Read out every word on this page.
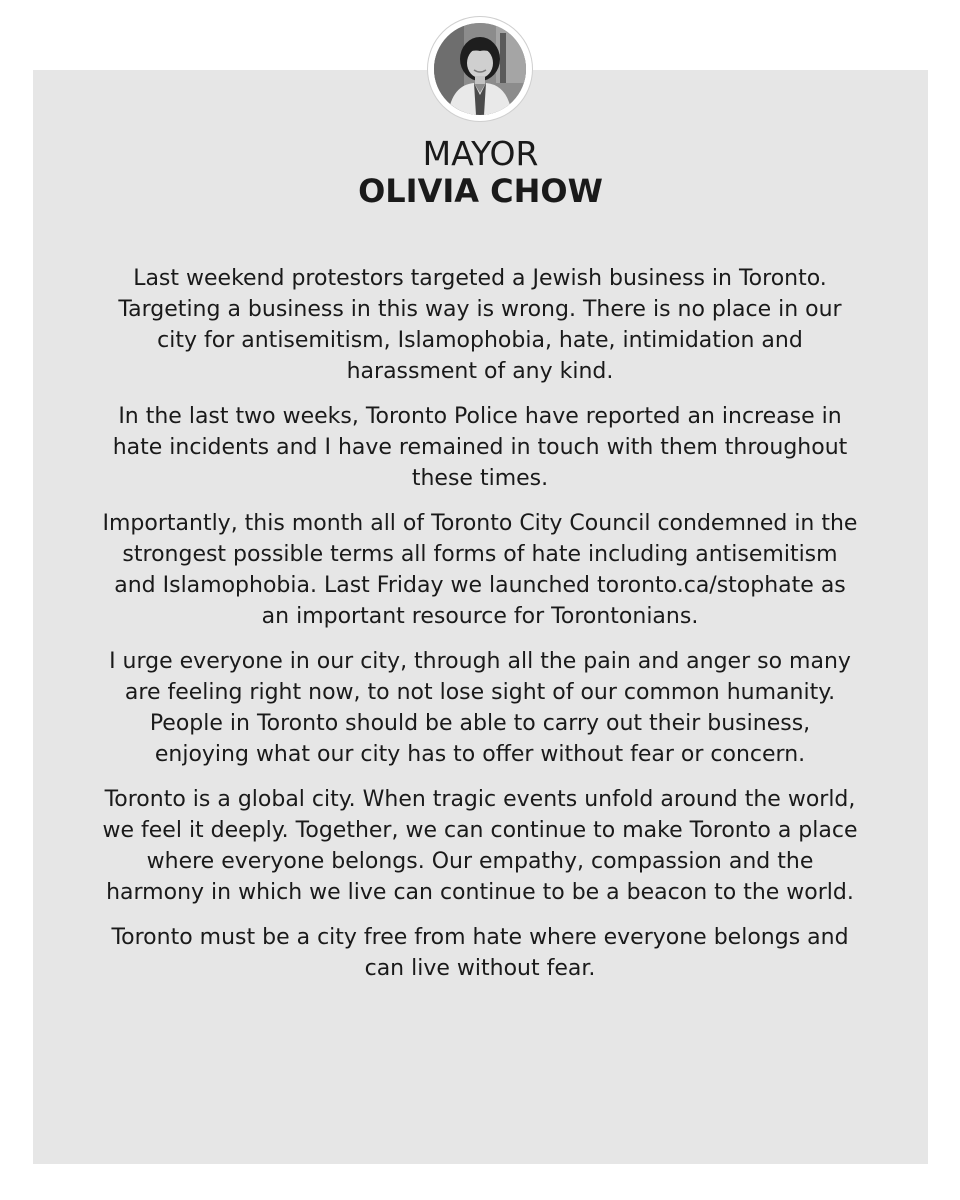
MAYOR
OLIVIA CHOW

Last weekend protestors targeted a Jewish business in Toronto. Targeting a business in this way is wrong. There is no place in our city for antisemitism, Islamophobia, hate, intimidation and harassment of any kind.

In the last two weeks, Toronto Police have reported an increase in hate incidents and I have remained in touch with them throughout these times.

Importantly, this month all of Toronto City Council condemned in the strongest possible terms all forms of hate including antisemitism and Islamophobia. Last Friday we launched toronto.ca/stophate as an important resource for Torontonians.

I urge everyone in our city, through all the pain and anger so many are feeling right now, to not lose sight of our common humanity. People in Toronto should be able to carry out their business, enjoying what our city has to offer without fear or concern.

Toronto is a global city. When tragic events unfold around the world, we feel it deeply. Together, we can continue to make Toronto a place where everyone belongs. Our empathy, compassion and the harmony in which we live can continue to be a beacon to the world.

Toronto must be a city free from hate where everyone belongs and can live without fear.
